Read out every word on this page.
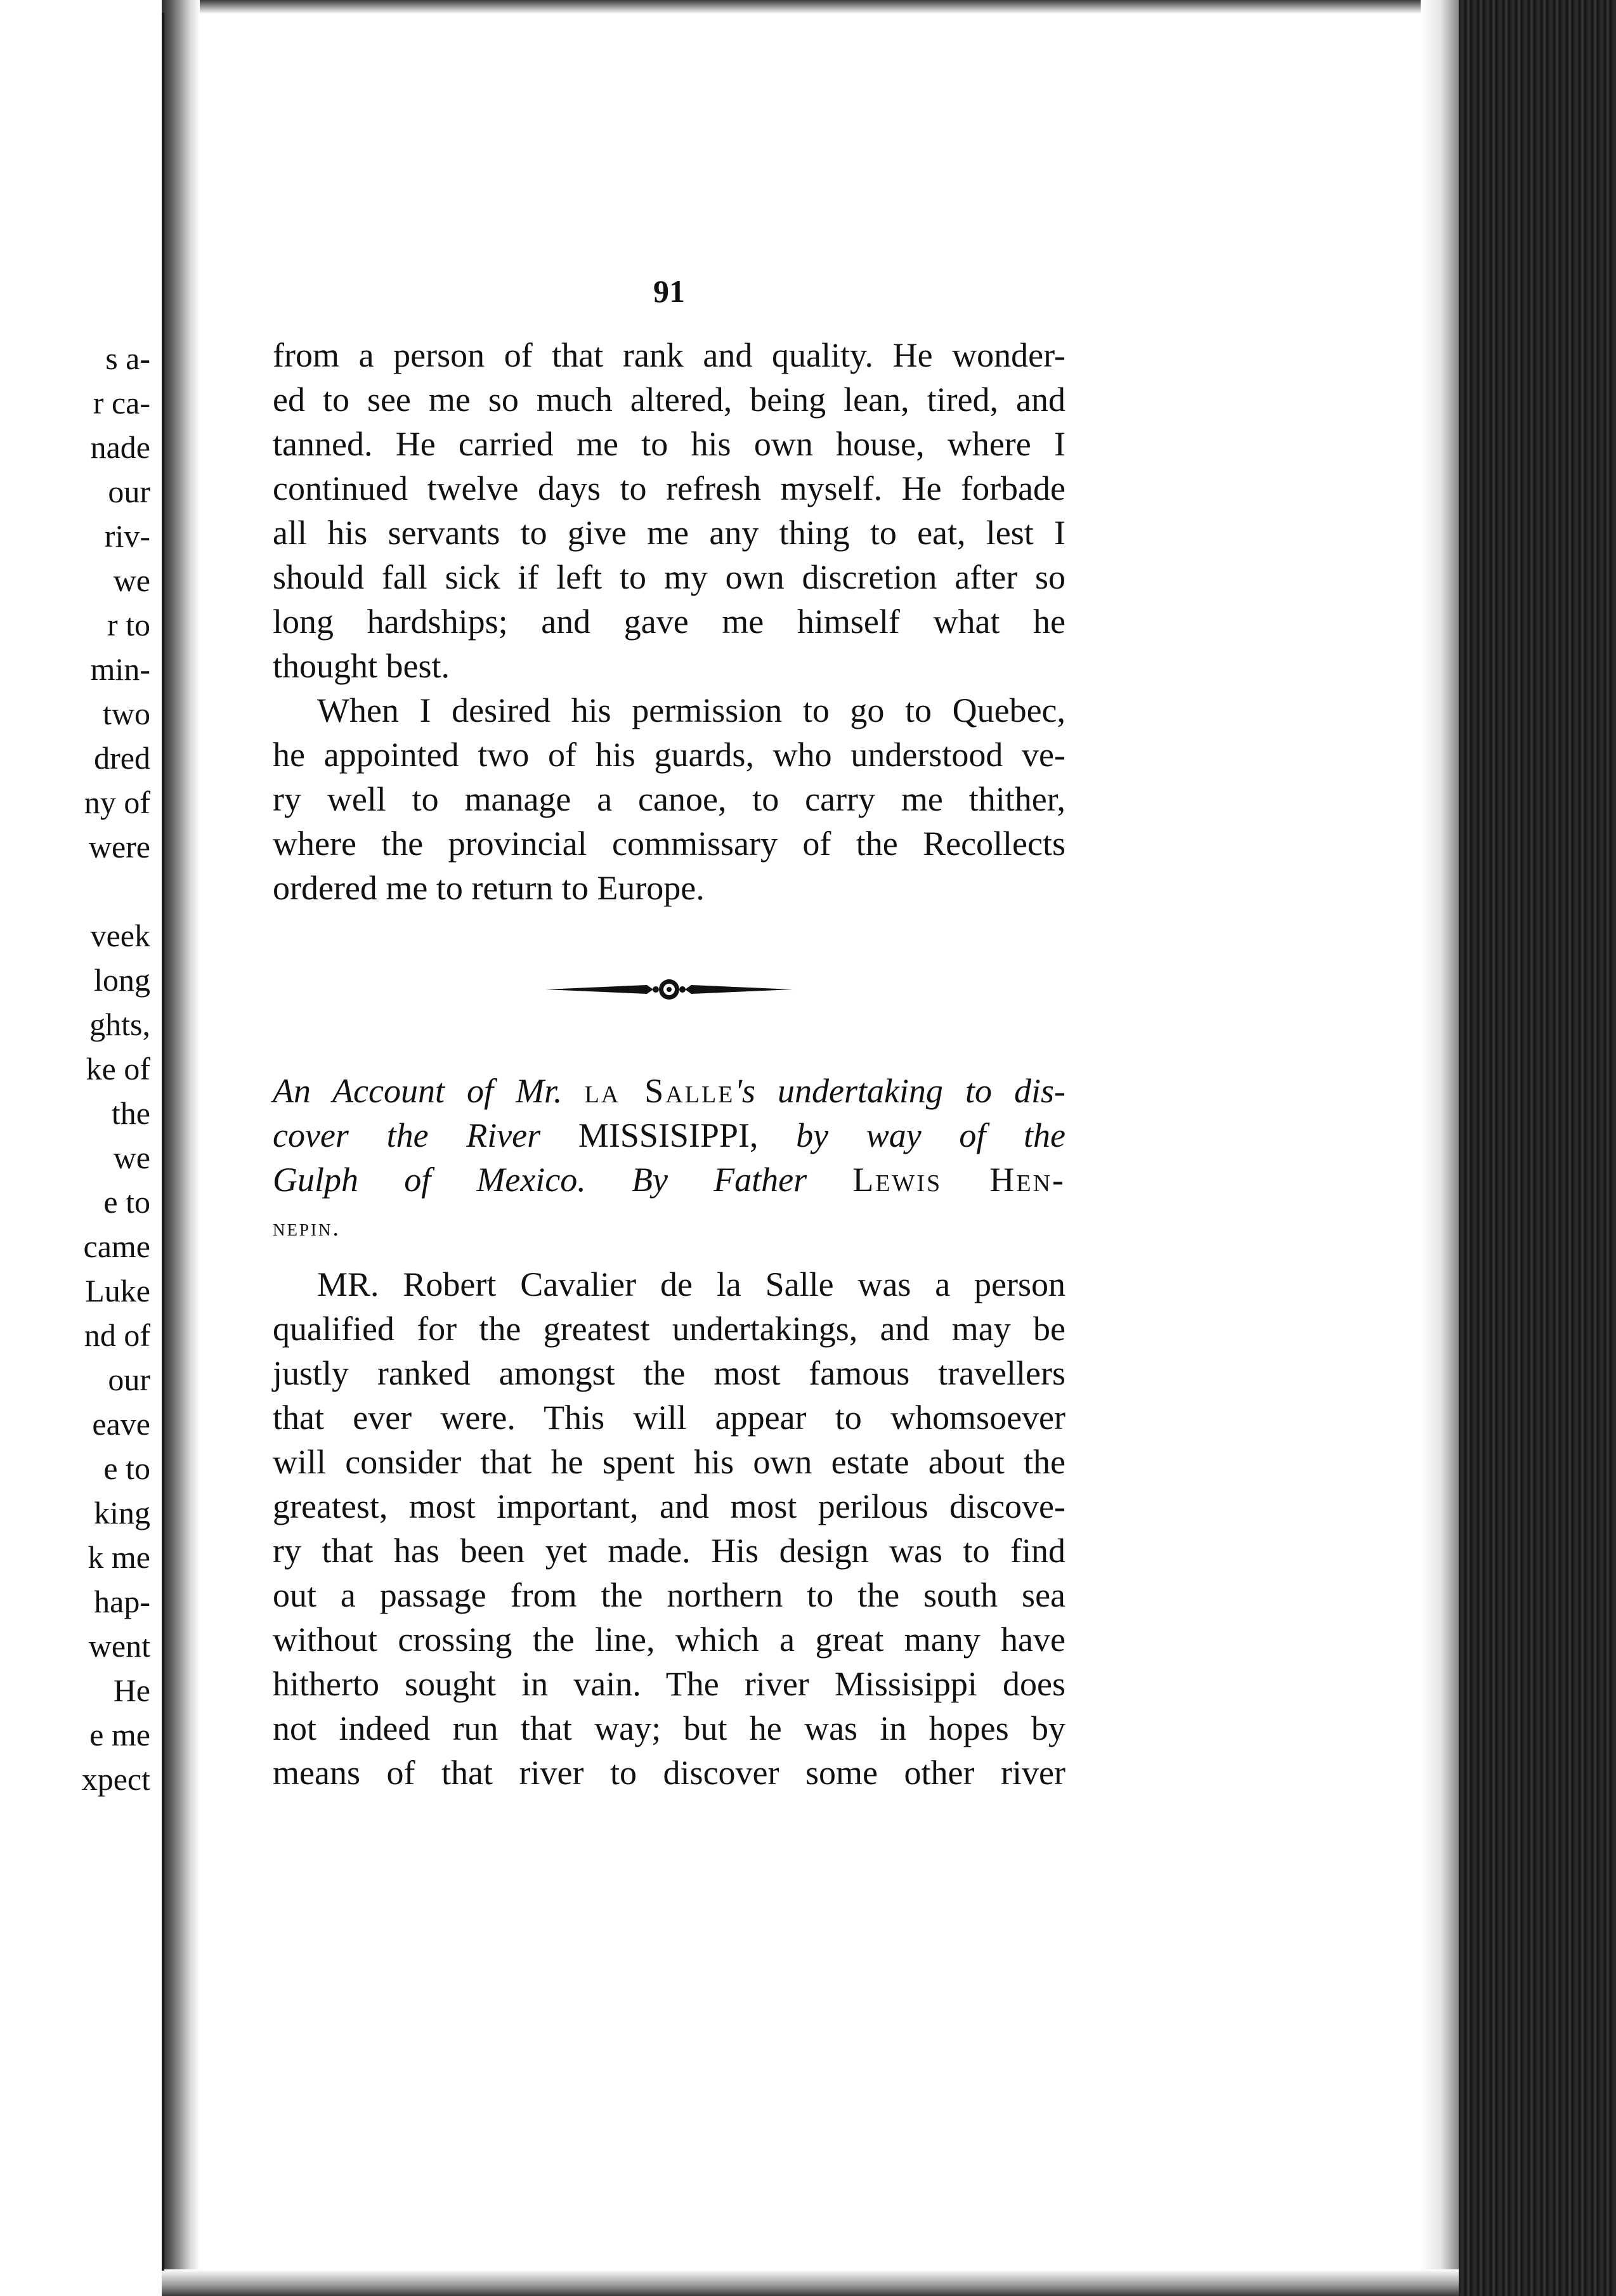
s a-
r ca-
nade
our
riv-
we
r to
min-
two
dred
ny of
were
veek
long
ghts,
ke of
the
we
e to
came
Luke
nd of
our
eave
e to
king
k me
hap-
went
He
e me
xpect
91
from a person of that rank and quality. He wonder-
ed to see me so much altered, being lean, tired, and
tanned. He carried me to his own house, where I
continued twelve days to refresh myself. He forbade
all his servants to give me any thing to eat, lest I
should fall sick if left to my own discretion after so
long hardships; and gave me himself what he
thought best.
When I desired his permission to go to Quebec,
he appointed two of his guards, who understood ve-
ry well to manage a canoe, to carry me thither,
where the provincial commissary of the Recollects
ordered me to return to Europe.
An Account of Mr. la Salle's undertaking to dis-
cover the River MISSISIPPI, by way of the
Gulph of Mexico. By Father Lewis Hen-
nepin.
MR. Robert Cavalier de la Salle was a person
qualified for the greatest undertakings, and may be
justly ranked amongst the most famous travellers
that ever were. This will appear to whomsoever
will consider that he spent his own estate about the
greatest, most important, and most perilous discove-
ry that has been yet made. His design was to find
out a passage from the northern to the south sea
without crossing the line, which a great many have
hitherto sought in vain. The river Missisippi does
not indeed run that way; but he was in hopes by
means of that river to discover some other river
